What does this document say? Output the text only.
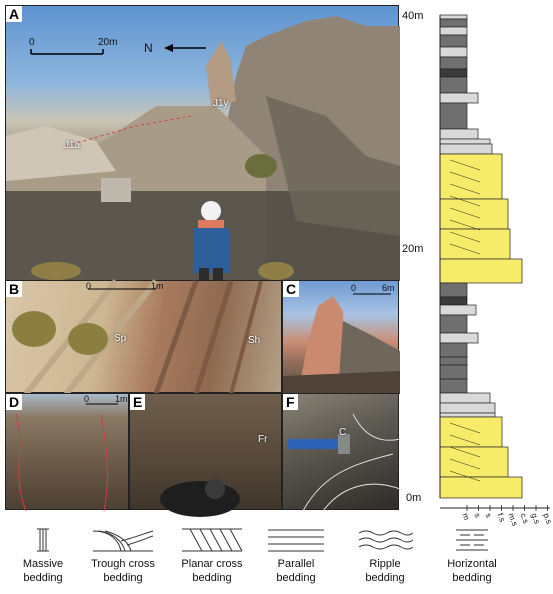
A
0	20m N
J1a
J1y
B	0	1m
Sp	Sh
C	0	6m
D	0	1m E
Fr
F
C
40m
20m
0m
m s s f.s m.s
c.s g.s p.s
Massive
bedding
Trough cross
bedding
Planar cross
bedding
Parallel
bedding
Ripple
bedding
Horizontal
bedding
